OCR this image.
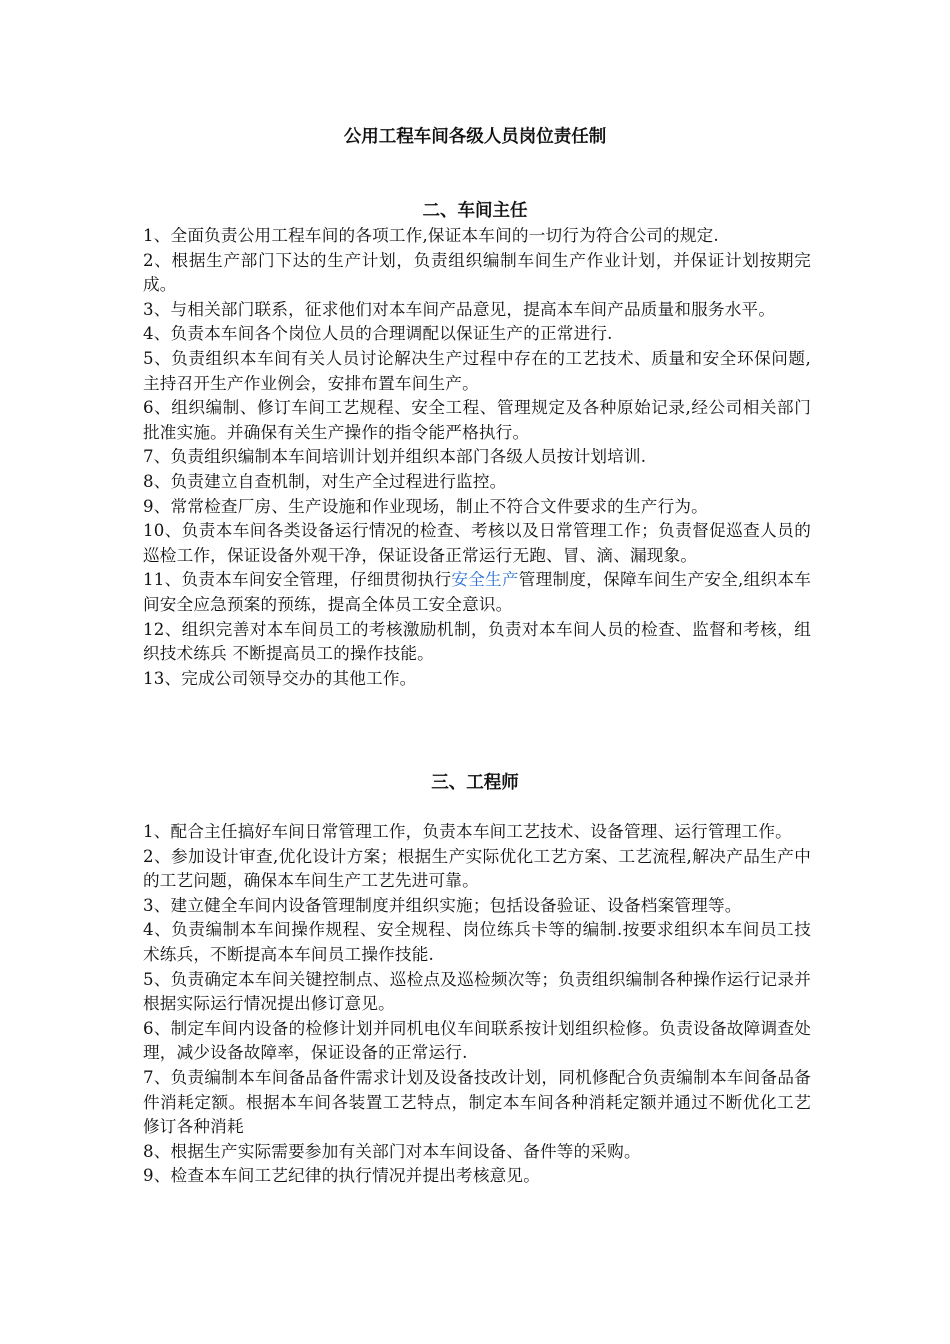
公用工程车间各级人员岗位责任制
二、车间主任
1、全面负责公用工程车间的各项工作,保证本车间的一切行为符合公司的规定.
2、根据生产部门下达的生产计划，负责组织编制车间生产作业计划，并保证计划按期完成。
3、与相关部门联系，征求他们对本车间产品意见，提高本车间产品质量和服务水平。
4、负责本车间各个岗位人员的合理调配以保证生产的正常进行.
5、负责组织本车间有关人员讨论解决生产过程中存在的工艺技术、质量和安全环保问题,主持召开生产作业例会，安排布置车间生产。
6、组织编制、修订车间工艺规程、安全工程、管理规定及各种原始记录,经公司相关部门批准实施。并确保有关生产操作的指令能严格执行。
7、负责组织编制本车间培训计划并组织本部门各级人员按计划培训.
8、负责建立自查机制，对生产全过程进行监控。
9、常常检查厂房、生产设施和作业现场，制止不符合文件要求的生产行为。
10、负责本车间各类设备运行情况的检查、考核以及日常管理工作；负责督促巡查人员的巡检工作，保证设备外观干净，保证设备正常运行无跑、冒、滴、漏现象。
11、负责本车间安全管理，仔细贯彻执行安全生产管理制度，保障车间生产安全,组织本车间安全应急预案的预练，提高全体员工安全意识。
12、组织完善对本车间员工的考核激励机制，负责对本车间人员的检查、监督和考核，组织技术练兵 不断提高员工的操作技能。
13、完成公司领导交办的其他工作。
三、工程师
1、配合主任搞好车间日常管理工作，负责本车间工艺技术、设备管理、运行管理工作。
2、参加设计审查,优化设计方案；根据生产实际优化工艺方案、工艺流程,解决产品生产中的工艺问题，确保本车间生产工艺先进可靠。
3、建立健全车间内设备管理制度并组织实施；包括设备验证、设备档案管理等。
4、负责编制本车间操作规程、安全规程、岗位练兵卡等的编制.按要求组织本车间员工技术练兵，不断提高本车间员工操作技能.
5、负责确定本车间关键控制点、巡检点及巡检频次等；负责组织编制各种操作运行记录并根据实际运行情况提出修订意见。
6、制定车间内设备的检修计划并同机电仪车间联系按计划组织检修。负责设备故障调查处理，减少设备故障率，保证设备的正常运行.
7、负责编制本车间备品备件需求计划及设备技改计划，同机修配合负责编制本车间备品备件消耗定额。根据本车间各装置工艺特点，制定本车间各种消耗定额并通过不断优化工艺修订各种消耗
8、根据生产实际需要参加有关部门对本车间设备、备件等的采购。
9、检查本车间工艺纪律的执行情况并提出考核意见。
